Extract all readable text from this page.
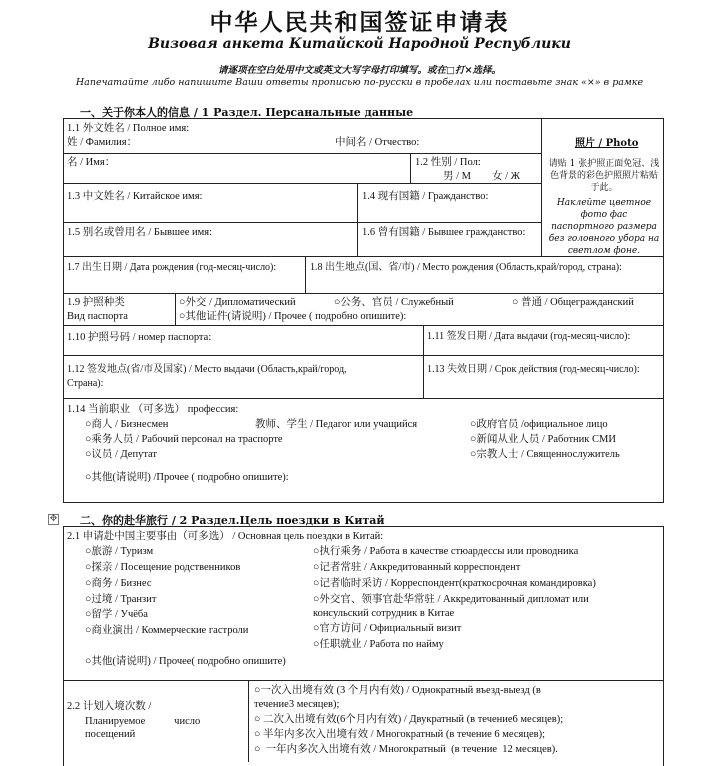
中华人民共和国签证申请表
Визовая анкета Китайской Народной Республики
请逐项在空白处用中文或英文大写字母打印填写。或在□打×选择。
Напечатайте либо напишите Ваши ответы прописью по-русски в пробелах или поставьте знак «×» в рамке
一、关于你本人的信息 / 1 Раздел. Персанальные данные
1.1 外文姓名 / Полное имя:
姓 / Фамилия：	中间名 / Отчество:	照片 / Photo
请贴 1 张护照正面免冠、浅色背景的彩色护照照片粘贴于此。
Наклейте цветное фото фас паспортного размера без головного убора на светлом фоне.
名 / Имя：	1.2 性别 / Пол:
男 / М        女 / Ж
1.3 中文姓名 / Китайское имя:	1.4 现有国籍 / Гражданство:
1.5 别名或曾用名 / Бывшее имя:	1.6 曾有国籍 / Бывшее гражданство:
1.7 出生日期 / Дата рождения (год-месяц-число):	1.8 出生地点(国、省/市) / Место рождения (Область,край/город, страна):
1.9 护照种类
Вид паспорта
○外交 / Дипломатический	○公务、官员 / Служебный	○ 普通 / Общегражданский
○其他证件(请说明) / Прочее ( подробно опишите):
1.10 护照号码 / номер паспорта:	1.11 签发日期 / Дата выдачи (год-месяц-число):
1.12 签发地点(省/市及国家) / Место выдачи (Область,край/город,
Страна):
1.13 失效日期 / Срок действия (год-месяц-число):
1.14 当前职业 （可多选） профессия:
○商人 / Бизнесмен	教师、学生 / Педагог или учащийся	○政府官员 /официальное лицо
○乘务人员 / Рабочий персонал на траспорте	○新闻从业人员 / Работник СМИ
○议员 / Депутат	○宗教人士 / Священнослужитель
○其他(请说明) /Прочее ( подробно опишите):
✥ 二、你的赴华旅行 / 2 Раздел.Цель поездки в Китай
2.1 申请赴中国主要事由（可多选） / Основная цель поездки в Китай:
○旅游 / Туризм
○探亲 / Посещение родственников
○商务 / Бизнес
○过境 / Транзит
○留学 / Учёба
○商业演出 / Коммерческие гастроли
○执行乘务 / Работа в качестве стюардессы или проводника
○记者常驻 / Аккредитованный корреспондент
○记者临时采访 / Корреспондент(краткосрочная командировка)
○外交官、领事官赴华常驻 / Аккредитованный дипломат или
консульский сотрудник в Китае
○官方访问 / Официальный визит
○任职就业 / Работа по найму
○其他(请说明) / Прочее( подробно опишите)
2.2 计划入境次数 /
Планируемое           число
посещений
○一次入出境有效 (3 个月内有效) / Однократный въезд-выезд (в
течение3 месяцев);
○ 二次入出境有效(6个月内有效) / Двукратный (в течение6 месяцев);
○ 半年内多次入出境有效 / Многократный (в течение 6 месяцев);
○  一年内多次入出境有效 / Многократный  (в течение  12 месяцев).
